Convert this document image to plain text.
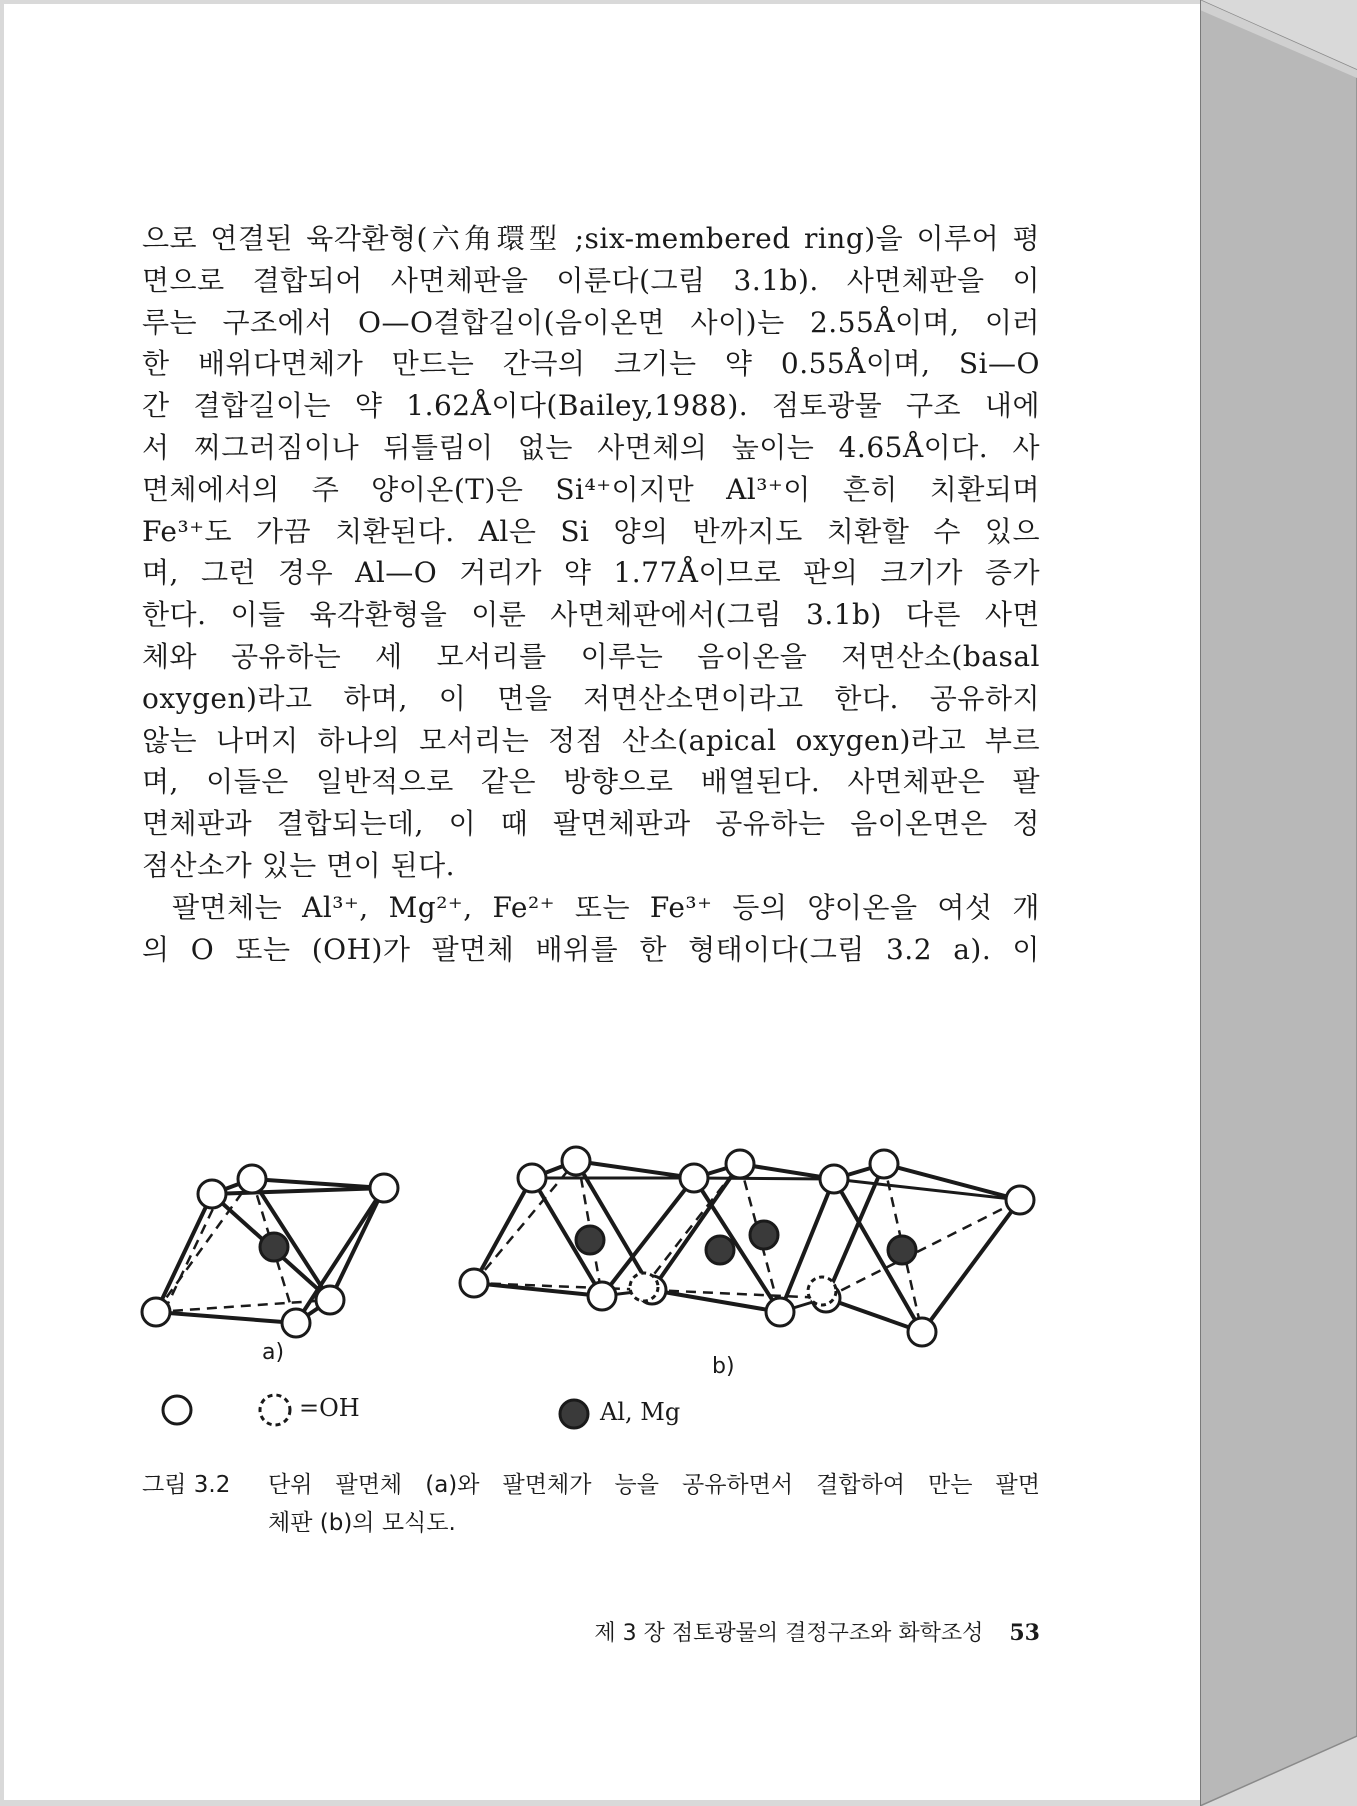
으로 연결된 육각환형(六角環型 ;six-membered ring)을 이루어 평
면으로 결합되어 사면체판을 이룬다(그림 3.1b). 사면체판을 이
루는 구조에서 O—O결합길이(음이온면 사이)는 2.55Å이며, 이러
한 배위다면체가 만드는 간극의 크기는 약 0.55Å이며, Si—O
간 결합길이는 약 1.62Å이다(Bailey,1988). 점토광물 구조 내에
서 찌그러짐이나 뒤틀림이 없는 사면체의 높이는 4.65Å이다. 사
면체에서의 주 양이온(T)은 Si⁴⁺이지만 Al³⁺이 흔히 치환되며
Fe³⁺도 가끔 치환된다. Al은 Si 양의 반까지도 치환할 수 있으
며, 그런 경우 Al—O 거리가 약 1.77Å이므로 판의 크기가 증가
한다. 이들 육각환형을 이룬 사면체판에서(그림 3.1b) 다른 사면
체와 공유하는 세 모서리를 이루는 음이온을 저면산소(basal
oxygen)라고 하며, 이 면을 저면산소면이라고 한다. 공유하지
않는 나머지 하나의 모서리는 정점 산소(apical oxygen)라고 부르
며, 이들은 일반적으로 같은 방향으로 배열된다. 사면체판은 팔
면체판과 결합되는데, 이 때 팔면체판과 공유하는 음이온면은 정
점산소가 있는 면이 된다.
팔면체는 Al³⁺, Mg²⁺, Fe²⁺ 또는 Fe³⁺ 등의 양이온을 여섯 개
의 O 또는 (OH)가 팔면체 배위를 한 형태이다(그림 3.2 a). 이
a)
b)
=OH	Al, Mg
그림 3.2 단위 팔면체 (a)와 팔면체가 능을 공유하면서 결합하여 만는 팔면
체판 (b)의 모식도.
제 3 장 점토광물의 결정구조와 화학조성 53
